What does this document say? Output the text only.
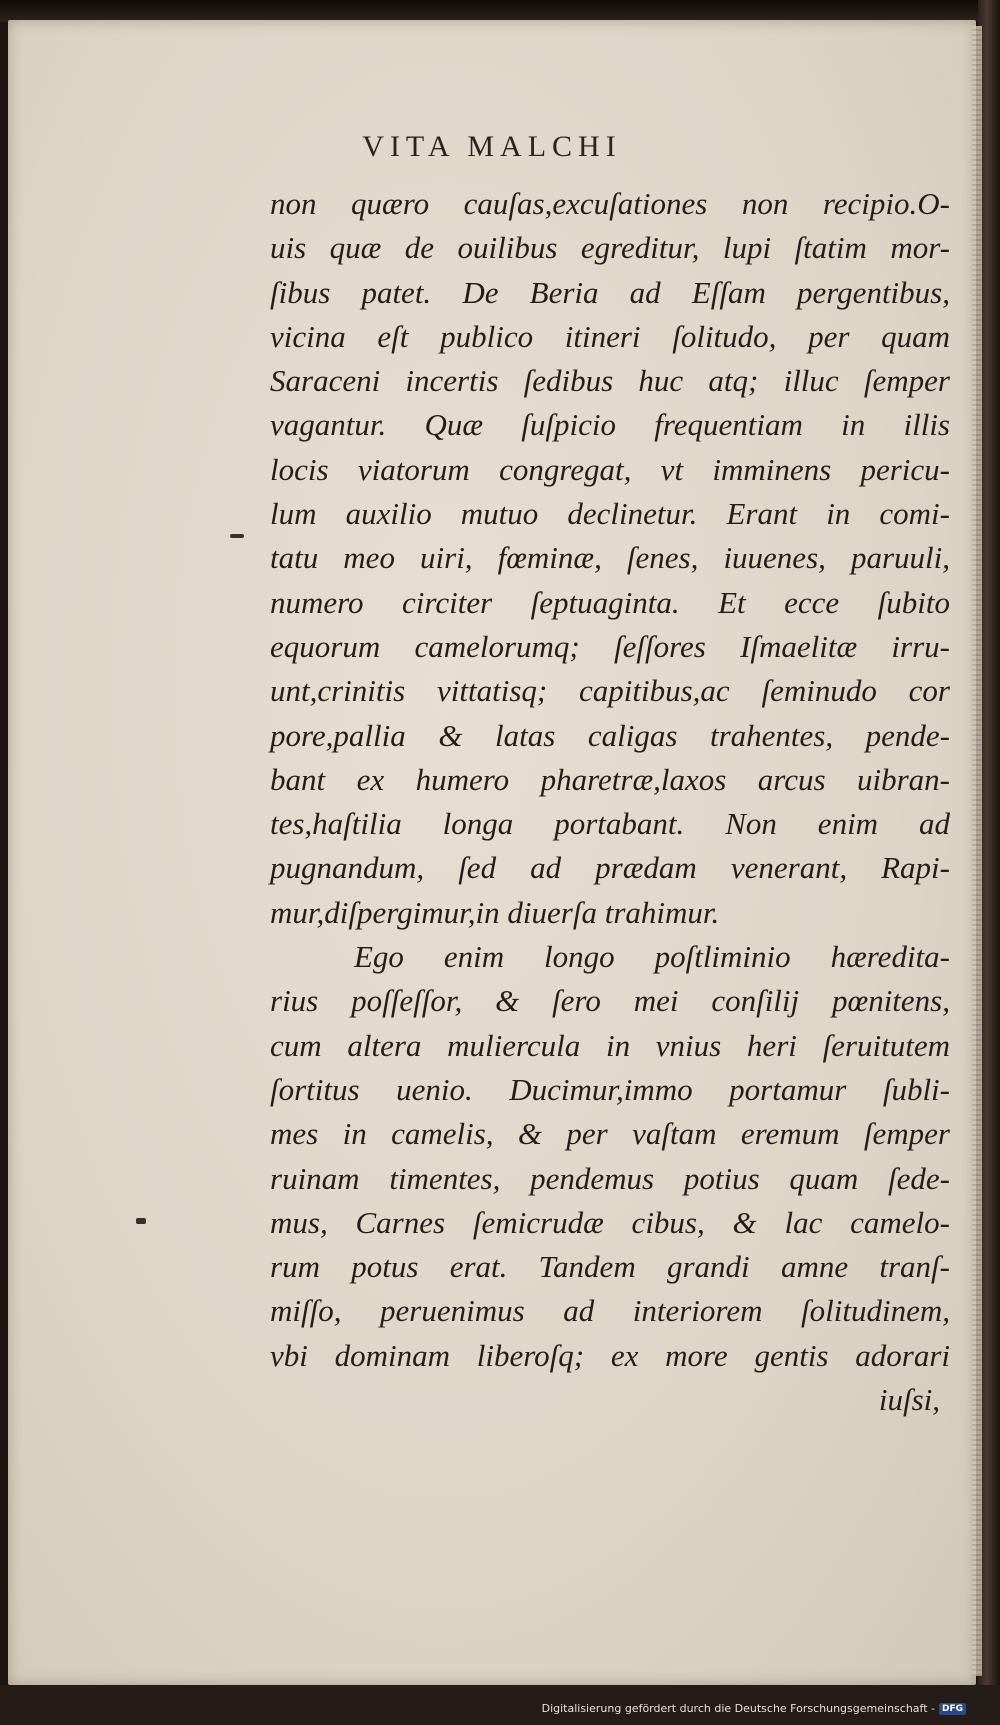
VITA MALCHI
non quæro cauſas,excuſationes non recipio.O-
uis quæ de ouilibus egreditur, lupi ſtatim mor-
ſibus patet. De Beria ad Eſſam pergentibus,
vicina eſt publico itineri ſolitudo, per quam
Saraceni incertis ſedibus huc atq; illuc ſemper
vagantur. Quæ ſuſpicio frequentiam in illis
locis viatorum congregat, vt imminens pericu-
lum auxilio mutuo declinetur. Erant in comi-
tatu meo uiri, fœminæ, ſenes, iuuenes, paruuli,
numero circiter ſeptuaginta. Et ecce ſubito
equorum camelorumq; ſeſſores Iſmaelitæ irru-
unt,crinitis vittatisq; capitibus,ac ſeminudo cor
pore,pallia & latas caligas trahentes, pende-
bant ex humero pharetræ,laxos arcus uibran-
tes,haſtilia longa portabant. Non enim ad
pugnandum, ſed ad prædam venerant, Rapi-
mur,diſpergimur,in diuerſa trahimur.
Ego enim longo poſtliminio hæredita-
rius poſſeſſor, & ſero mei conſilij pœnitens,
cum altera muliercula in vnius heri ſeruitutem
ſortitus uenio. Ducimur,immo portamur ſubli-
mes in camelis, & per vaſtam eremum ſemper
ruinam timentes, pendemus potius quam ſede-
mus, Carnes ſemicrudæ cibus, & lac camelo-
rum potus erat. Tandem grandi amne tranſ-
miſſo, peruenimus ad interiorem ſolitudinem,
vbi dominam liberoſq; ex more gentis adorari
iuſsi,
Digitalisierung gefördert durch die Deutsche Forschungsgemeinschaft - DFG
